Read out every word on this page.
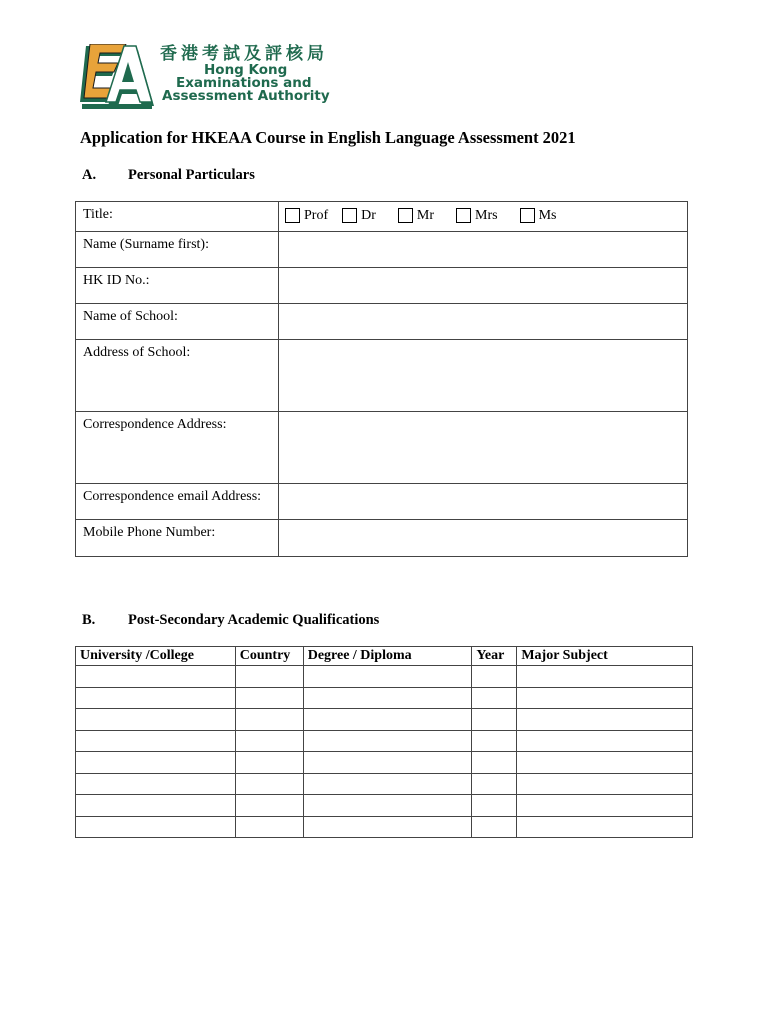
香港考試及評核局
Hong Kong
Examinations and
Assessment Authority
Application for HKEAA Course in English Language Assessment 2021
A. Personal Particulars
Title:	Prof Dr Mr Mrs Ms

Name (Surname first):	
HK ID No.:	
Name of School:	
Address of School:	
Correspondence Address:	
Correspondence email Address:	
Mobile Phone Number:	
B. Post-Secondary Academic Qualifications
University /College	Country	Degree / Diploma	Year	Major Subject
